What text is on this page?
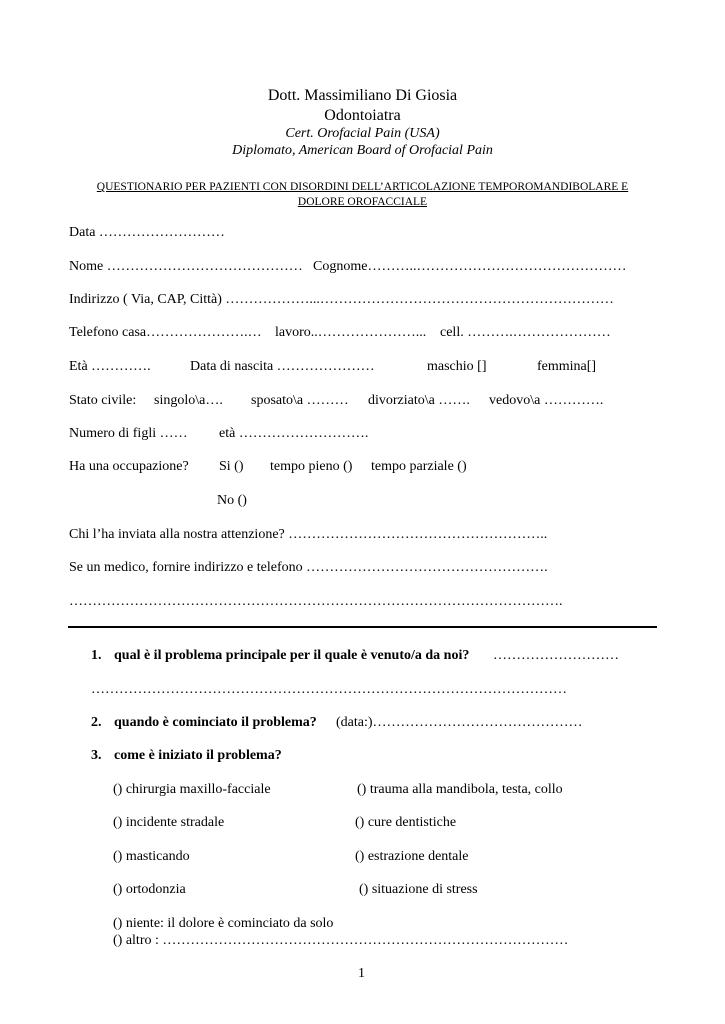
Dott. Massimiliano Di Giosia
Odontoiatra
Cert. Orofacial Pain (USA)
Diplomato, American Board of Orofacial Pain
QUESTIONARIO PER PAZIENTI CON DISORDINI DELL’ARTICOLAZIONE TEMPOROMANDIBOLARE E
DOLORE OROFACCIALE
Data ………………………
Nome …………………………………… Cognome………..………………………………………
Indirizzo ( Via, CAP, Città) ………………...………………………………………………………
Telefono casa………………….… lavoro..…………………... cell. ……….…………………
Età ………….	Data di nascita …………………	maschio []	femmina[]
Stato civile: singolo\a…. sposato\a ……… divorziato\a ……. vedovo\a ………….
Numero di figli …… età ……………………….
Ha una occupazione? Si () tempo pieno () tempo parziale ()
No ()
Chi l’ha inviata alla nostra attenzione? ………………………………………………..
Se un medico, fornire indirizzo e telefono …………………………………………….
…………………………………………………………………………………………….
1. qual è il problema principale per il quale è venuto/a da noi? ………………………
…………………………………………………………………………………………
2. quando è cominciato il problema? (data:)………………………………………
3. come è iniziato il problema?
() chirurgia maxillo-facciale	() trauma alla mandibola, testa, collo
() incidente stradale	() cure dentistiche
() masticando	() estrazione dentale
() ortodonzia	() situazione di stress
() niente: il dolore è cominciato da solo
() altro : ……………………………………………………………………………
1
